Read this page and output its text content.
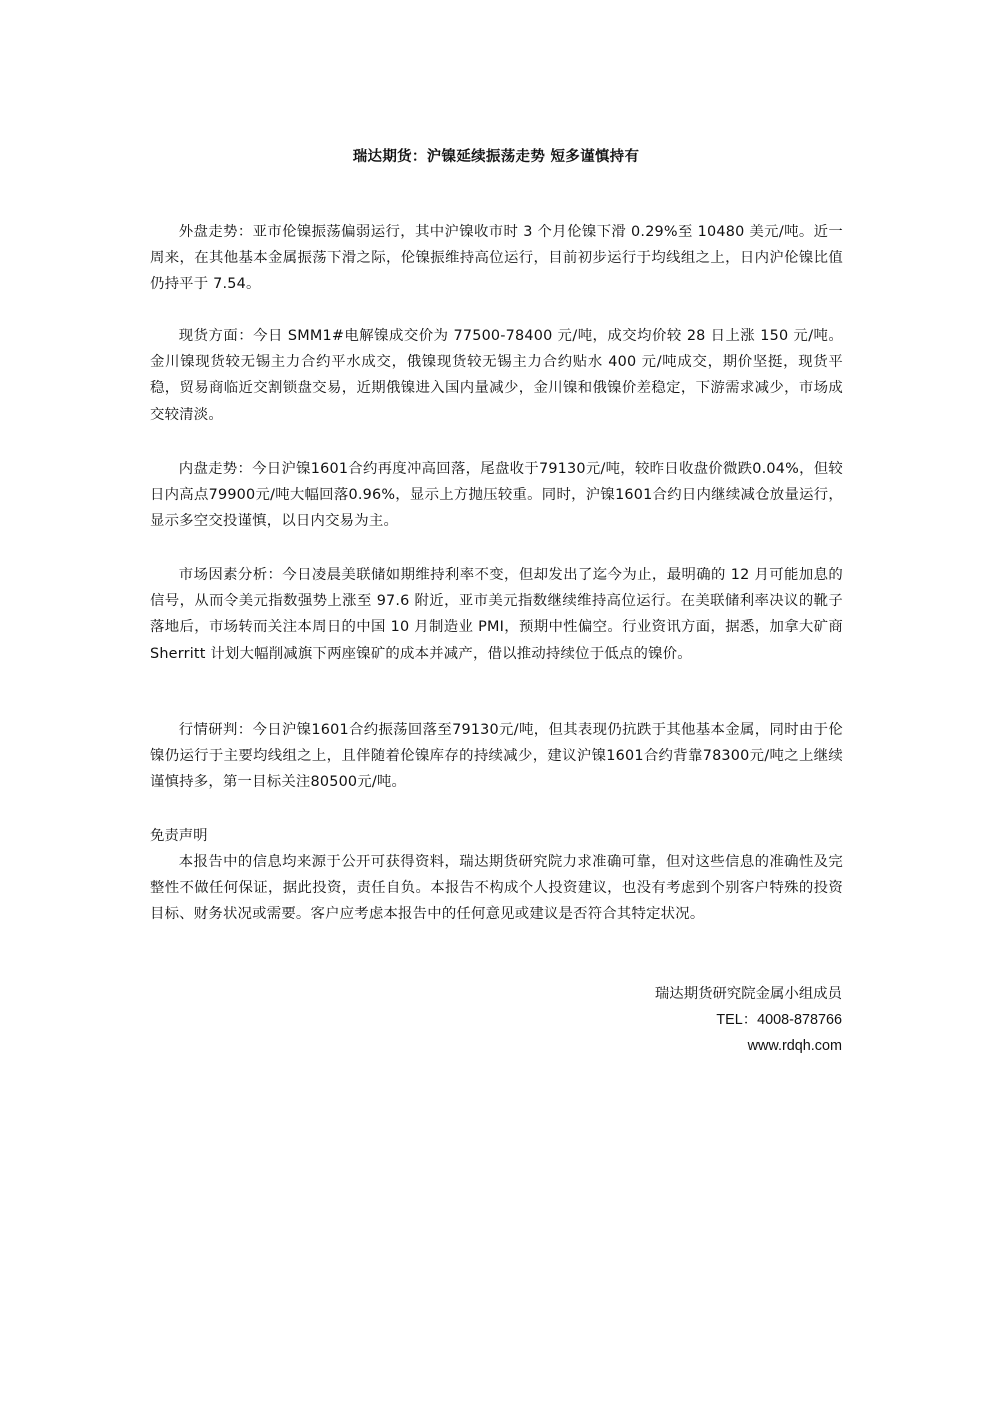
瑞达期货：沪镍延续振荡走势 短多谨慎持有

外盘走势：亚市伦镍振荡偏弱运行，其中沪镍收市时 3 个月伦镍下滑 0.29%至 10480 美元/吨。近一周来，在其他基本金属振荡下滑之际，伦镍振维持高位运行，目前初步运行于均线组之上，日内沪伦镍比值仍持平于 7.54。

现货方面：今日 SMM1#电解镍成交价为 77500-78400 元/吨，成交均价较 28 日上涨 150 元/吨。金川镍现货较无锡主力合约平水成交，俄镍现货较无锡主力合约贴水 400 元/吨成交，期价坚挺，现货平稳，贸易商临近交割锁盘交易，近期俄镍进入国内量减少，金川镍和俄镍价差稳定，下游需求减少，市场成交较清淡。

内盘走势：今日沪镍1601合约再度冲高回落，尾盘收于79130元/吨，较昨日收盘价微跌0.04%，但较日内高点79900元/吨大幅回落0.96%，显示上方抛压较重。同时，沪镍1601合约日内继续减仓放量运行，显示多空交投谨慎，以日内交易为主。

市场因素分析：今日凌晨美联储如期维持利率不变，但却发出了迄今为止，最明确的 12 月可能加息的信号，从而令美元指数强势上涨至 97.6 附近，亚市美元指数继续维持高位运行。在美联储利率决议的靴子落地后，市场转而关注本周日的中国 10 月制造业 PMI，预期中性偏空。行业资讯方面，据悉，加拿大矿商 Sherritt 计划大幅削减旗下两座镍矿的成本并减产，借以推动持续位于低点的镍价。

行情研判：今日沪镍1601合约振荡回落至79130元/吨，但其表现仍抗跌于其他基本金属，同时由于伦镍仍运行于主要均线组之上，且伴随着伦镍库存的持续减少，建议沪镍1601合约背靠78300元/吨之上继续谨慎持多，第一目标关注80500元/吨。

免责声明

本报告中的信息均来源于公开可获得资料，瑞达期货研究院力求准确可靠，但对这些信息的准确性及完整性不做任何保证，据此投资，责任自负。本报告不构成个人投资建议，也没有考虑到个别客户特殊的投资目标、财务状况或需要。客户应考虑本报告中的任何意见或建议是否符合其特定状况。

瑞达期货研究院金属小组成员
TEL：4008-878766
www.rdqh.com
